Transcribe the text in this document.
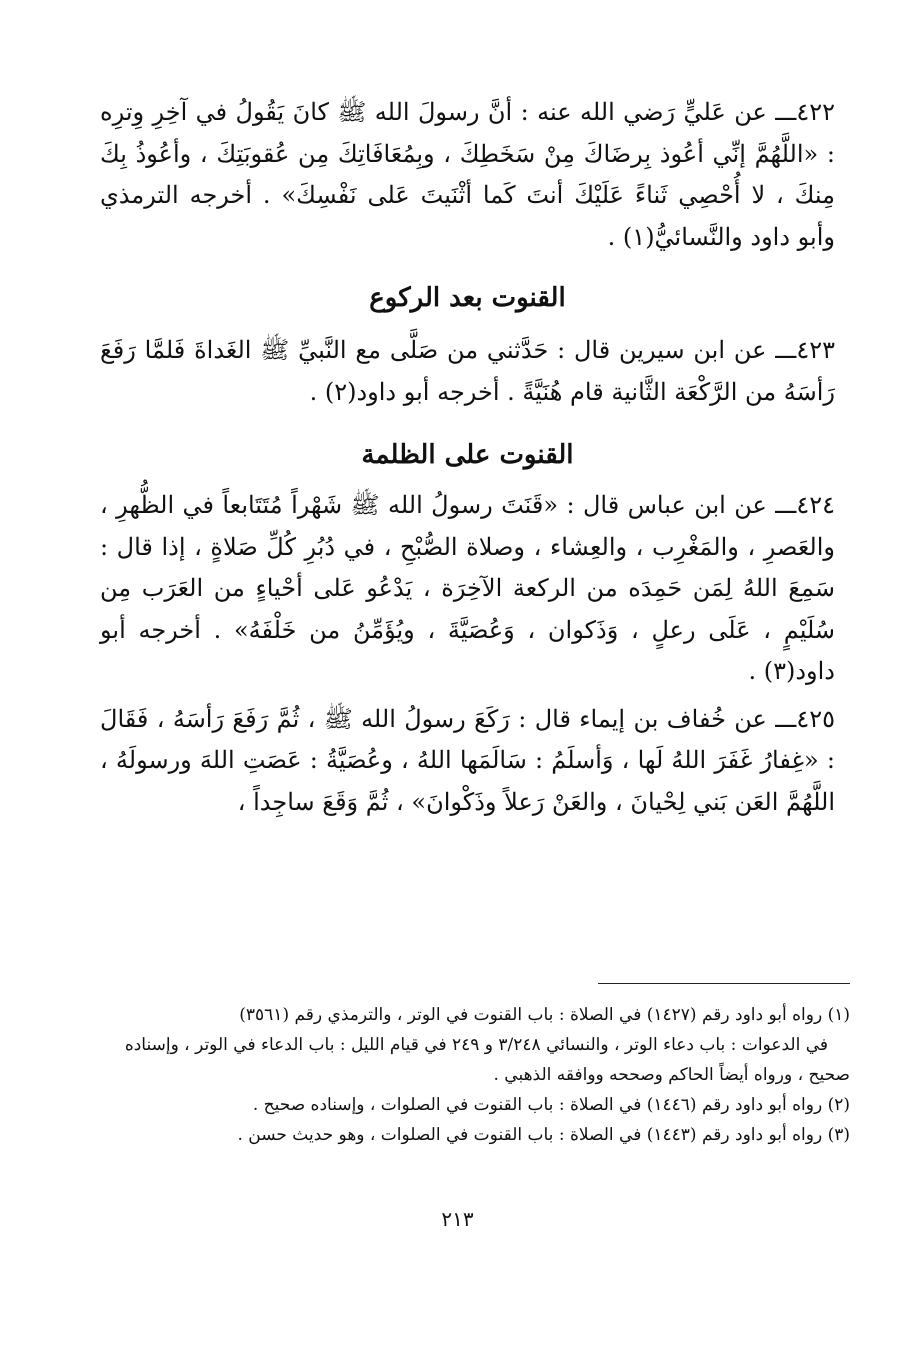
٤٢٢ـــ عن عَليٍّ رَضي الله عنه : أنَّ رسولَ الله ﷺ كانَ يَقُولُ في آخِرِ وِترِه : «اللَّهُمَّ إنِّي أعُوذ بِرضَاكَ مِنْ سَخَطِكَ ، وبِمُعَافَاتِكَ مِن عُقوبَتِكَ ، وأعُوذُ بِكَ مِنكَ ، لا أُحْصِي ثَناءً عَلَيْكَ أنتَ كَما أثْنَيتَ عَلى نَفْسِكَ» . أخرجه الترمذي وأبو داود والنَّسائيُّ(١) .

القنوت بعد الركوع

٤٢٣ـــ عن ابن سيرين قال : حَدَّثني من صَلَّى مع النَّبيِّ ﷺ الغَداةَ فَلمَّا رَفَعَ رَأسَهُ من الرَّكْعَة الثَّانية قام هُنَيَّةً . أخرجه أبو داود(٢) .

القنوت على الظلمة

٤٢٤ـــ عن ابن عباس قال : «قَنَتَ رسولُ الله ﷺ شَهْراً مُتَتَابعاً في الظُّهرِ ، والعَصرِ ، والمَغْرِب ، والعِشاء ، وصلاة الصُّبْحِ ، في دُبُرِ كُلِّ صَلاةٍ ، إذا قال : سَمِعَ اللهُ لِمَن حَمِدَه من الركعة الآخِرَة ، يَدْعُو عَلى أحْياءٍ من العَرَب مِن سُلَيْمٍ ، عَلَى رعلٍ ، وَذَكوان ، وَعُصَيَّةَ ، ويُؤَمِّنُ من خَلْفَهُ» . أخرجه أبو داود(٣) .

٤٢٥ـــ عن خُفاف بن إيماء قال : رَكَعَ رسولُ الله ﷺ ، ثُمَّ رَفَعَ رَأسَهُ ، فَقَالَ : «غِفارُ غَفَرَ اللهُ لَها ، وَأسلَمُ : سَالَمَها اللهُ ، وعُصَيَّةُ : عَصَتِ اللهَ ورسولَهُ ، اللَّهُمَّ العَن بَني لِحْيانَ ، والعَنْ رَعلاً وذَكْوانَ» ، ثُمَّ وَقَعَ ساجِداً ،

(١) رواه أبو داود رقم (١٤٢٧) في الصلاة : باب القنوت في الوتر ، والترمذي رقم (٣٥٦١)
في الدعوات : باب دعاء الوتر ، والنسائي ٣/٢٤٨ و ٢٤٩ في قيام الليل : باب الدعاء في الوتر ، وإسناده صحيح ، ورواه أيضاً الحاكم وصححه ووافقه الذهبي .

(٢) رواه أبو داود رقم (١٤٤٦) في الصلاة : باب القنوت في الصلوات ، وإسناده صحيح .

(٣) رواه أبو داود رقم (١٤٤٣) في الصلاة : باب القنوت في الصلوات ، وهو حديث حسن .

٢١٣
